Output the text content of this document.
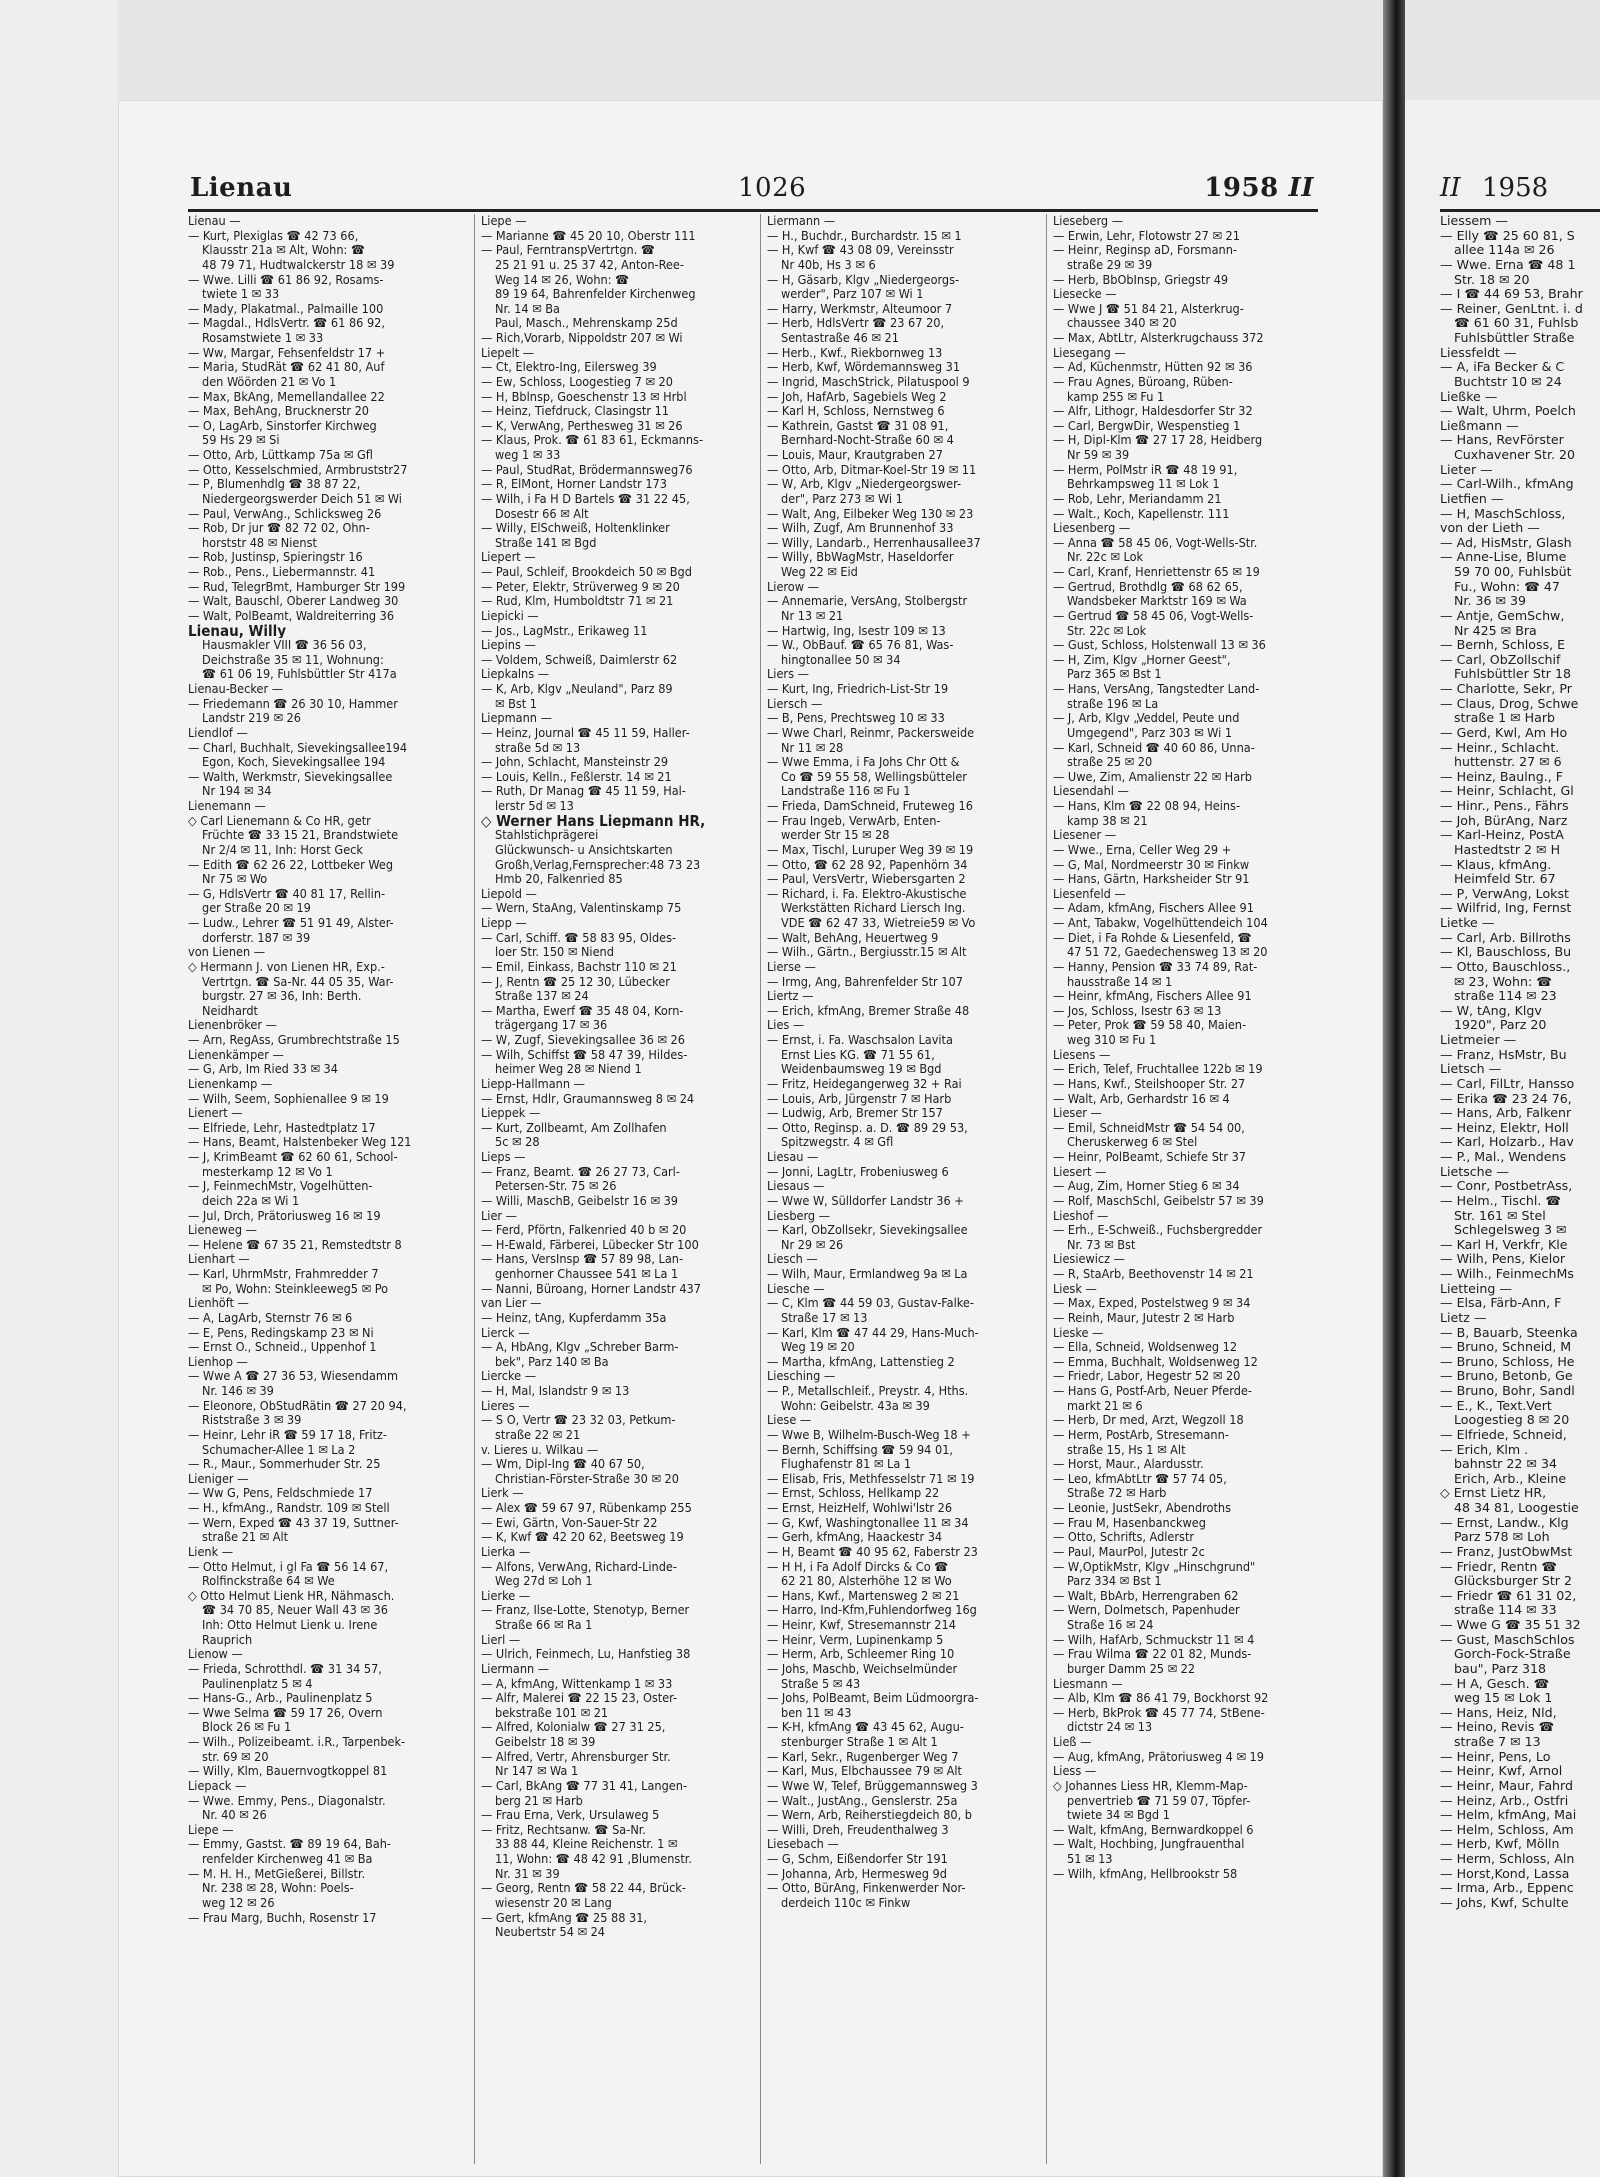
Lienau	1026	1958 II	II 1958
Lienau —
— Kurt, Plexiglas ☎ 42 73 66,
Klausstr 21a ✉ Alt, Wohn: ☎
48 79 71, Hudtwalckerstr 18 ✉ 39
— Wwe. Lilli ☎ 61 86 92, Rosams-
twiete 1 ✉ 33
— Mady, Plakatmal., Palmaille 100
— Magdal., HdlsVertr. ☎ 61 86 92,
Rosamstwiete 1 ✉ 33
— Ww, Margar, Fehsenfeldstr 17 +
— Maria, StudRät ☎ 62 41 80, Auf
den Wöörden 21 ✉ Vo 1
— Max, BkAng, Memellandallee 22
— Max, BehAng, Brucknerstr 20
— O, LagArb, Sinstorfer Kirchweg
59 Hs 29 ✉ Si
— Otto, Arb, Lüttkamp 75a ✉ Gfl
— Otto, Kesselschmied, Armbruststr27
— P, Blumenhdlg ☎ 38 87 22,
Niedergeorgswerder Deich 51 ✉ Wi
— Paul, VerwAng., Schlicksweg 26
— Rob, Dr jur ☎ 82 72 02, Ohn-
horststr 48 ✉ Nienst
— Rob, Justinsp, Spieringstr 16
— Rob., Pens., Liebermannstr. 41
— Rud, TelegrBmt, Hamburger Str 199
— Walt, Bauschl, Oberer Landweg 30
— Walt, PolBeamt, Waldreiterring 36
Lienau, Willy
Hausmakler VIII ☎ 36 56 03,
Deichstraße 35 ✉ 11, Wohnung:
☎ 61 06 19, Fuhlsbüttler Str 417a
Lienau-Becker —
— Friedemann ☎ 26 30 10, Hammer
Landstr 219 ✉ 26
Liendlof —
— Charl, Buchhalt, Sievekingsallee194
Egon, Koch, Sievekingsallee 194
— Walth, Werkmstr, Sievekingsallee
Nr 194 ✉ 34
Lienemann —
◇ Carl Lienemann & Co HR, getr
Früchte ☎ 33 15 21, Brandstwiete
Nr 2/4 ✉ 11, Inh: Horst Geck
— Edith ☎ 62 26 22, Lottbeker Weg
Nr 75 ✉ Wo
— G, HdlsVertr ☎ 40 81 17, Rellin-
ger Straße 20 ✉ 19
— Ludw., Lehrer ☎ 51 91 49, Alster-
dorferstr. 187 ✉ 39
von Lienen —
◇ Hermann J. von Lienen HR, Exp.-
Vertrtgn. ☎ Sa-Nr. 44 05 35, War-
burgstr. 27 ✉ 36, Inh: Berth.
Neidhardt
Lienenbröker —
— Arn, RegAss, Grumbrechtstraße 15
Lienenkämper —
— G, Arb, Im Ried 33 ✉ 34
Lienenkamp —
— Wilh, Seem, Sophienallee 9 ✉ 19
Lienert —
— Elfriede, Lehr, Hastedtplatz 17
— Hans, Beamt, Halstenbeker Weg 121
— J, KrimBeamt ☎ 62 60 61, School-
mesterkamp 12 ✉ Vo 1
— J, FeinmechMstr, Vogelhütten-
deich 22a ✉ Wi 1
— Jul, Drch, Prätoriusweg 16 ✉ 19
Lieneweg —
— Helene ☎ 67 35 21, Remstedtstr 8
Lienhart —
— Karl, UhrmMstr, Frahmredder 7
✉ Po, Wohn: Steinkleeweg5 ✉ Po
Lienhöft —
— A, LagArb, Sternstr 76 ✉ 6
— E, Pens, Redingskamp 23 ✉ Ni
— Ernst O., Schneid., Uppenhof 1
Lienhop —
— Wwe A ☎ 27 36 53, Wiesendamm
Nr. 146 ✉ 39
— Eleonore, ObStudRätin ☎ 27 20 94,
Riststraße 3 ✉ 39
— Heinr, Lehr iR ☎ 59 17 18, Fritz-
Schumacher-Allee 1 ✉ La 2
— R., Maur., Sommerhuder Str. 25
Lieniger —
— Ww G, Pens, Feldschmiede 17
— H., kfmAng., Randstr. 109 ✉ Stell
— Wern, Exped ☎ 43 37 19, Suttner-
straße 21 ✉ Alt
Lienk —
— Otto Helmut, i gl Fa ☎ 56 14 67,
Rolfinckstraße 64 ✉ We
◇ Otto Helmut Lienk HR, Nähmasch.
☎ 34 70 85, Neuer Wall 43 ✉ 36
Inh: Otto Helmut Lienk u. Irene
Rauprich
Lienow —
— Frieda, Schrotthdl. ☎ 31 34 57,
Paulinenplatz 5 ✉ 4
— Hans-G., Arb., Paulinenplatz 5
— Wwe Selma ☎ 59 17 26, Overn
Block 26 ✉ Fu 1
— Wilh., Polizeibeamt. i.R., Tarpenbek-
str. 69 ✉ 20
— Willy, Klm, Bauernvogtkoppel 81
Liepack —
— Wwe. Emmy, Pens., Diagonalstr.
Nr. 40 ✉ 26
Liepe —
— Emmy, Gastst. ☎ 89 19 64, Bah-
renfelder Kirchenweg 41 ✉ Ba
— M. H. H., MetGießerei, Billstr.
Nr. 238 ✉ 28, Wohn: Poels-
weg 12 ✉ 26
— Frau Marg, Buchh, Rosenstr 17
Liepe —
— Marianne ☎ 45 20 10, Oberstr 111
— Paul, FerntranspVertrtgn. ☎
25 21 91 u. 25 37 42, Anton-Ree-
Weg 14 ✉ 26, Wohn: ☎
89 19 64, Bahrenfelder Kirchenweg
Nr. 14 ✉ Ba
Paul, Masch., Mehrenskamp 25d
— Rich,Vorarb, Nippoldstr 207 ✉ Wi
Liepelt —
— Ct, Elektro-Ing, Eilersweg 39
— Ew, Schloss, Loogestieg 7 ✉ 20
— H, Bblnsp, Goeschenstr 13 ✉ Hrbl
— Heinz, Tiefdruck, Clasingstr 11
— K, VerwAng, Perthesweg 31 ✉ 26
— Klaus, Prok. ☎ 61 83 61, Eckmanns-
weg 1 ✉ 33
— Paul, StudRat, Brödermannsweg76
— R, ElMont, Horner Landstr 173
— Wilh, i Fa H D Bartels ☎ 31 22 45,
Dosestr 66 ✉ Alt
— Willy, ElSchweiß, Holtenklinker
Straße 141 ✉ Bgd
Liepert —
— Paul, Schleif, Brookdeich 50 ✉ Bgd
— Peter, Elektr, Strüverweg 9 ✉ 20
— Rud, Klm, Humboldtstr 71 ✉ 21
Liepicki —
— Jos., LagMstr., Erikaweg 11
Liepins —
— Voldem, Schweiß, Daimlerstr 62
Liepkalns —
— K, Arb, Klgv „Neuland", Parz 89
✉ Bst 1
Liepmann —
— Heinz, Journal ☎ 45 11 59, Haller-
straße 5d ✉ 13
— John, Schlacht, Mansteinstr 29
— Louis, Kelln., Feßlerstr. 14 ✉ 21
— Ruth, Dr Manag ☎ 45 11 59, Hal-
lerstr 5d ✉ 13
◇ Werner Hans Liepmann HR,
Stahlstichprägerei
Glückwunsch- u Ansichtskarten
Großh,Verlag,Fernsprecher:48 73 23
Hmb 20, Falkenried 85
Liepold —
— Wern, StaAng, Valentinskamp 75
Liepp —
— Carl, Schiff. ☎ 58 83 95, Oldes-
loer Str. 150 ✉ Niend
— Emil, Einkass, Bachstr 110 ✉ 21
— J, Rentn ☎ 25 12 30, Lübecker
Straße 137 ✉ 24
— Martha, Ewerf ☎ 35 48 04, Korn-
trägergang 17 ✉ 36
— W, Zugf, Sievekingsallee 36 ✉ 26
— Wilh, Schiffst ☎ 58 47 39, Hildes-
heimer Weg 28 ✉ Niend 1
Liepp-Hallmann —
— Ernst, Hdlr, Graumannsweg 8 ✉ 24
Lieppek —
— Kurt, Zollbeamt, Am Zollhafen
5c ✉ 28
Lieps —
— Franz, Beamt. ☎ 26 27 73, Carl-
Petersen-Str. 75 ✉ 26
— Willi, MaschB, Geibelstr 16 ✉ 39
Lier —
— Ferd, Pförtn, Falkenried 40 b ✉ 20
— H-Ewald, Färberei, Lübecker Str 100
— Hans, VersInsp ☎ 57 89 98, Lan-
genhorner Chaussee 541 ✉ La 1
— Nanni, Büroang, Horner Landstr 437
van Lier —
— Heinz, tAng, Kupferdamm 35a
Lierck —
— A, HbAng, Klgv „Schreber Barm-
bek", Parz 140 ✉ Ba
Liercke —
— H, Mal, Islandstr 9 ✉ 13
Lieres —
— S O, Vertr ☎ 23 32 03, Petkum-
straße 22 ✉ 21
v. Lieres u. Wilkau —
— Wm, Dipl-Ing ☎ 40 67 50,
Christian-Förster-Straße 30 ✉ 20
Lierk —
— Alex ☎ 59 67 97, Rübenkamp 255
— Ewi, Gärtn, Von-Sauer-Str 22
— K, Kwf ☎ 42 20 62, Beetsweg 19
Lierka —
— Alfons, VerwAng, Richard-Linde-
Weg 27d ✉ Loh 1
Lierke —
— Franz, Ilse-Lotte, Stenotyp, Berner
Straße 66 ✉ Ra 1
Lierl —
— Ulrich, Feinmech, Lu, Hanfstieg 38
Liermann —
— A, kfmAng, Wittenkamp 1 ✉ 33
— Alfr, Malerei ☎ 22 15 23, Oster-
bekstraße 101 ✉ 21
— Alfred, Kolonialw ☎ 27 31 25,
Geibelstr 18 ✉ 39
— Alfred, Vertr, Ahrensburger Str.
Nr 147 ✉ Wa 1
— Carl, BkAng ☎ 77 31 41, Langen-
berg 21 ✉ Harb
— Frau Erna, Verk, Ursulaweg 5
— Fritz, Rechtsanw. ☎ Sa-Nr.
33 88 44, Kleine Reichenstr. 1 ✉
11, Wohn: ☎ 48 42 91 ,Blumenstr.
Nr. 31 ✉ 39
— Georg, Rentn ☎ 58 22 44, Brück-
wiesenstr 20 ✉ Lang
— Gert, kfmAng ☎ 25 88 31,
Neubertstr 54 ✉ 24
Liermann —
— H., Buchdr., Burchardstr. 15 ✉ 1
— H, Kwf ☎ 43 08 09, Vereinsstr
Nr 40b, Hs 3 ✉ 6
— H, Gäsarb, Klgv „Niedergeorgs-
werder", Parz 107 ✉ Wi 1
— Harry, Werkmstr, Alteumoor 7
— Herb, HdlsVertr ☎ 23 67 20,
Sentastraße 46 ✉ 21
— Herb., Kwf., Riekbornweg 13
— Herb, Kwf, Wördemannsweg 31
— Ingrid, MaschStrick, Pilatuspool 9
— Joh, HafArb, Sagebiels Weg 2
— Karl H, Schloss, Nernstweg 6
— Kathrein, Gastst ☎ 31 08 91,
Bernhard-Nocht-Straße 60 ✉ 4
— Louis, Maur, Krautgraben 27
— Otto, Arb, Ditmar-Koel-Str 19 ✉ 11
— W, Arb, Klgv „Niedergeorgswer-
der", Parz 273 ✉ Wi 1
— Walt, Ang, Eilbeker Weg 130 ✉ 23
— Wilh, Zugf, Am Brunnenhof 33
— Willy, Landarb., Herrenhausallee37
— Willy, BbWagMstr, Haseldorfer
Weg 22 ✉ Eid
Lierow —
— Annemarie, VersAng, Stolbergstr
Nr 13 ✉ 21
— Hartwig, Ing, Isestr 109 ✉ 13
— W., ObBauf. ☎ 65 76 81, Was-
hingtonallee 50 ✉ 34
Liers —
— Kurt, Ing, Friedrich-List-Str 19
Liersch —
— B, Pens, Prechtsweg 10 ✉ 33
— Wwe Charl, Reinmr, Packersweide
Nr 11 ✉ 28
— Wwe Emma, i Fa Johs Chr Ott &
Co ☎ 59 55 58, Wellingsbütteler
Landstraße 116 ✉ Fu 1
— Frieda, DamSchneid, Fruteweg 16
— Frau Ingeb, VerwArb, Enten-
werder Str 15 ✉ 28
— Max, Tischl, Luruper Weg 39 ✉ 19
— Otto, ☎ 62 28 92, Papenhörn 34
— Paul, VersVertr, Wiebersgarten 2
— Richard, i. Fa. Elektro-Akustische
Werkstätten Richard Liersch Ing.
VDE ☎ 62 47 33, Wietreie59 ✉ Vo
— Walt, BehAng, Heuertweg 9
— Wilh., Gärtn., Bergiusstr.15 ✉ Alt
Lierse —
— Irmg, Ang, Bahrenfelder Str 107
Liertz —
— Erich, kfmAng, Bremer Straße 48
Lies —
— Ernst, i. Fa. Waschsalon Lavita
Ernst Lies KG. ☎ 71 55 61,
Weidenbaumsweg 19 ✉ Bgd
— Fritz, Heidegangerweg 32 + Rai
— Louis, Arb, Jürgenstr 7 ✉ Harb
— Ludwig, Arb, Bremer Str 157
— Otto, Reginsp. a. D. ☎ 89 29 53,
Spitzwegstr. 4 ✉ Gfl
Liesau —
— Jonni, LagLtr, Frobeniusweg 6
Liesaus —
— Wwe W, Sülldorfer Landstr 36 +
Liesberg —
— Karl, ObZollsekr, Sievekingsallee
Nr 29 ✉ 26
Liesch —
— Wilh, Maur, Ermlandweg 9a ✉ La
Liesche —
— C, Klm ☎ 44 59 03, Gustav-Falke-
Straße 17 ✉ 13
— Karl, Klm ☎ 47 44 29, Hans-Much-
Weg 19 ✉ 20
— Martha, kfmAng, Lattenstieg 2
Liesching —
— P., Metallschleif., Preystr. 4, Hths.
Wohn: Geibelstr. 43a ✉ 39
Liese —
— Wwe B, Wilhelm-Busch-Weg 18 +
— Bernh, Schiffsing ☎ 59 94 01,
Flughafenstr 81 ✉ La 1
— Elisab, Fris, Methfesselstr 71 ✉ 19
— Ernst, Schloss, Hellkamp 22
— Ernst, HeizHelf, Wohlwi'lstr 26
— G, Kwf, Washingtonallee 11 ✉ 34
— Gerh, kfmAng, Haackestr 34
— H, Beamt ☎ 40 95 62, Faberstr 23
— H H, i Fa Adolf Dircks & Co ☎
62 21 80, Alsterhöhe 12 ✉ Wo
— Hans, Kwf., Martensweg 2 ✉ 21
— Harro, Ind-Kfm,Fuhlendorfweg 16g
— Heinr, Kwf, Stresemannstr 214
— Heinr, Verm, Lupinenkamp 5
— Herm, Arb, Schleemer Ring 10
— Johs, Maschb, Weichselmünder
Straße 5 ✉ 43
— Johs, PolBeamt, Beim Lüdmoorgra-
ben 11 ✉ 43
— K-H, kfmAng ☎ 43 45 62, Augu-
stenburger Straße 1 ✉ Alt 1
— Karl, Sekr., Rugenberger Weg 7
— Karl, Mus, Elbchaussee 79 ✉ Alt
— Wwe W, Telef, Brüggemannsweg 3
— Walt., JustAng., Genslerstr. 25a
— Wern, Arb, Reiherstiegdeich 80, b
— Willi, Dreh, Freudenthalweg 3
Liesebach —
— G, Schm, Eißendorfer Str 191
— Johanna, Arb, Hermesweg 9d
— Otto, BürAng, Finkenwerder Nor-
derdeich 110c ✉ Finkw
Lieseberg —
— Erwin, Lehr, Flotowstr 27 ✉ 21
— Heinr, Reginsp aD, Forsmann-
straße 29 ✉ 39
— Herb, BbObInsp, Griegstr 49
Liesecke —
— Wwe J ☎ 51 84 21, Alsterkrug-
chaussee 340 ✉ 20
— Max, AbtLtr, Alsterkrugchauss 372
Liesegang —
— Ad, Küchenmstr, Hütten 92 ✉ 36
— Frau Agnes, Büroang, Rüben-
kamp 255 ✉ Fu 1
— Alfr, Lithogr, Haldesdorfer Str 32
— Carl, BergwDir, Wespenstieg 1
— H, Dipl-Klm ☎ 27 17 28, Heidberg
Nr 59 ✉ 39
— Herm, PolMstr iR ☎ 48 19 91,
Behrkampsweg 11 ✉ Lok 1
— Rob, Lehr, Meriandamm 21
— Walt., Koch, Kapellenstr. 111
Liesenberg —
— Anna ☎ 58 45 06, Vogt-Wells-Str.
Nr. 22c ✉ Lok
— Carl, Kranf, Henriettenstr 65 ✉ 19
— Gertrud, Brothdlg ☎ 68 62 65,
Wandsbeker Marktstr 169 ✉ Wa
— Gertrud ☎ 58 45 06, Vogt-Wells-
Str. 22c ✉ Lok
— Gust, Schloss, Holstenwall 13 ✉ 36
— H, Zim, Klgv „Horner Geest",
Parz 365 ✉ Bst 1
— Hans, VersAng, Tangstedter Land-
straße 196 ✉ La
— J, Arb, Klgv „Veddel, Peute und
Umgegend", Parz 303 ✉ Wi 1
— Karl, Schneid ☎ 40 60 86, Unna-
straße 25 ✉ 20
— Uwe, Zim, Amalienstr 22 ✉ Harb
Liesendahl —
— Hans, Klm ☎ 22 08 94, Heins-
kamp 38 ✉ 21
Liesener —
— Wwe., Erna, Celler Weg 29 +
— G, Mal, Nordmeerstr 30 ✉ Finkw
— Hans, Gärtn, Harksheider Str 91
Liesenfeld —
— Adam, kfmAng, Fischers Allee 91
— Ant, Tabakw, Vogelhüttendeich 104
— Diet, i Fa Rohde & Liesenfeld, ☎
47 51 72, Gaedechensweg 13 ✉ 20
— Hanny, Pension ☎ 33 74 89, Rat-
hausstraße 14 ✉ 1
— Heinr, kfmAng, Fischers Allee 91
— Jos, Schloss, Isestr 63 ✉ 13
— Peter, Prok ☎ 59 58 40, Maien-
weg 310 ✉ Fu 1
Liesens —
— Erich, Telef, Fruchtallee 122b ✉ 19
— Hans, Kwf., Steilshooper Str. 27
— Walt, Arb, Gerhardstr 16 ✉ 4
Lieser —
— Emil, SchneidMstr ☎ 54 54 00,
Cheruskerweg 6 ✉ Stel
— Heinr, PolBeamt, Schiefe Str 37
Liesert —
— Aug, Zim, Horner Stieg 6 ✉ 34
— Rolf, MaschSchl, Geibelstr 57 ✉ 39
Lieshof —
— Erh., E-Schweiß., Fuchsbergredder
Nr. 73 ✉ Bst
Liesiewicz —
— R, StaArb, Beethovenstr 14 ✉ 21
Liesk —
— Max, Exped, Postelstweg 9 ✉ 34
— Reinh, Maur, Jutestr 2 ✉ Harb
Lieske —
— Ella, Schneid, Woldsenweg 12
— Emma, Buchhalt, Woldsenweg 12
— Friedr, Labor, Hegestr 52 ✉ 20
— Hans G, Postf-Arb, Neuer Pferde-
markt 21 ✉ 6
— Herb, Dr med, Arzt, Wegzoll 18
— Herm, PostArb, Stresemann-
straße 15, Hs 1 ✉ Alt
— Horst, Maur., Alardusstr.
— Leo, kfmAbtLtr ☎ 57 74 05,
Straße 72 ✉ Harb
— Leonie, JustSekr, Abendroths
— Frau M, Hasenbanckweg
— Otto, Schrifts, Adlerstr
— Paul, MaurPol, Jutestr 2c
— W,OptikMstr, Klgv „Hinschgrund"
Parz 334 ✉ Bst 1
— Walt, BbArb, Herrengraben 62
— Wern, Dolmetsch, Papenhuder
Straße 16 ✉ 24
— Wilh, HafArb, Schmuckstr 11 ✉ 4
— Frau Wilma ☎ 22 01 82, Munds-
burger Damm 25 ✉ 22
Liesmann —
— Alb, Klm ☎ 86 41 79, Bockhorst 92
— Herb, BkProk ☎ 45 77 74, StBene-
dictstr 24 ✉ 13
Ließ —
— Aug, kfmAng, Prätoriusweg 4 ✉ 19
Liess —
◇ Johannes Liess HR, Klemm-Map-
penvertrieb ☎ 71 59 07, Töpfer-
twiete 34 ✉ Bgd 1
— Walt, kfmAng, Bernwardkoppel 6
— Walt, Hochbing, Jungfrauenthal
51 ✉ 13
— Wilh, kfmAng, Hellbrookstr 58
Liessem —
— Elly ☎ 25 60 81, S
allee 114a ✉ 26
— Wwe. Erna ☎ 48 1
Str. 18 ✉ 20
— I ☎ 44 69 53, Brahr
— Reiner, GenLtnt. i. d
☎ 61 60 31, Fuhlsb
Fuhlsbüttler Straße
Liessfeldt —
— A, iFa Becker & C
Buchtstr 10 ✉ 24
Ließke —
— Walt, Uhrm, Poelch
Ließmann —
— Hans, RevFörster
Cuxhavener Str. 20
Lieter —
— Carl-Wilh., kfmAng
Lietfien —
— H, MaschSchloss,
von der Lieth —
— Ad, HisMstr, Glash
— Anne-Lise, Blume
59 70 00, Fuhlsbüt
Fu., Wohn: ☎ 47
Nr. 36 ✉ 39
— Antje, GemSchw,
Nr 425 ✉ Bra
— Bernh, Schloss, E
— Carl, ObZollschif
Fuhlsbüttler Str 18
— Charlotte, Sekr, Pr
— Claus, Drog, Schwe
straße 1 ✉ Harb
— Gerd, Kwl, Am Ho
— Heinr., Schlacht.
huttenstr. 27 ✉ 6
— Heinz, Baulng., F
— Heinr, Schlacht, Gl
— Hinr., Pens., Fährs
— Joh, BürAng, Narz
— Karl-Heinz, PostA
Hastedtstr 2 ✉ H
— Klaus, kfmAng.
Heimfeld Str. 67
— P, VerwAng, Lokst
— Wilfrid, Ing, Fernst
Lietke —
— Carl, Arb. Billroths
— Kl, Bauschloss, Bu
— Otto, Bauschloss.,
✉ 23, Wohn: ☎
straße 114 ✉ 23
— W, tAng, Klgv
1920", Parz 20
Lietmeier —
— Franz, HsMstr, Bu
Lietsch —
— Carl, FilLtr, Hansso
— Erika ☎ 23 24 76,
— Hans, Arb, Falkenr
— Heinz, Elektr, Holl
— Karl, Holzarb., Hav
— P., Mal., Wendens
Lietsche —
— Conr, PostbetrAss,
— Helm., Tischl. ☎
Str. 161 ✉ Stel
Schlegelsweg 3 ✉
— Karl H, Verkfr, Kle
— Wilh, Pens, Kielor
— Wilh., FeinmechMs
Lietteing —
— Elsa, Färb-Ann, F
Lietz —
— B, Bauarb, Steenka
— Bruno, Schneid, M
— Bruno, Schloss, He
— Bruno, Betonb, Ge
— Bruno, Bohr, Sandl
— E., K., Text.Vert
Loogestieg 8 ✉ 20
— Elfriede, Schneid,
— Erich, Klm .
bahnstr 22 ✉ 34
Erich, Arb., Kleine
◇ Ernst Lietz HR,
48 34 81, Loogestie
— Ernst, Landw., Klg
Parz 578 ✉ Loh
— Franz, JustObwMst
— Friedr, Rentn ☎
Glücksburger Str 2
— Friedr ☎ 61 31 02,
straße 114 ✉ 33
— Wwe G ☎ 35 51 32
— Gust, MaschSchlos
Gorch-Fock-Straße
bau", Parz 318
— H A, Gesch. ☎
weg 15 ✉ Lok 1
— Hans, Heiz, Nld,
— Heino, Revis ☎
straße 7 ✉ 13
— Heinr, Pens, Lo
— Heinr, Kwf, Arnol
— Heinr, Maur, Fahrd
— Heinz, Arb., Ostfri
— Helm, kfmAng, Mai
— Helm, Schloss, Am
— Herb, Kwf, Mölln
— Herm, Schloss, Aln
— Horst,Kond, Lassa
— Irma, Arb., Eppenc
— Johs, Kwf, Schulte
